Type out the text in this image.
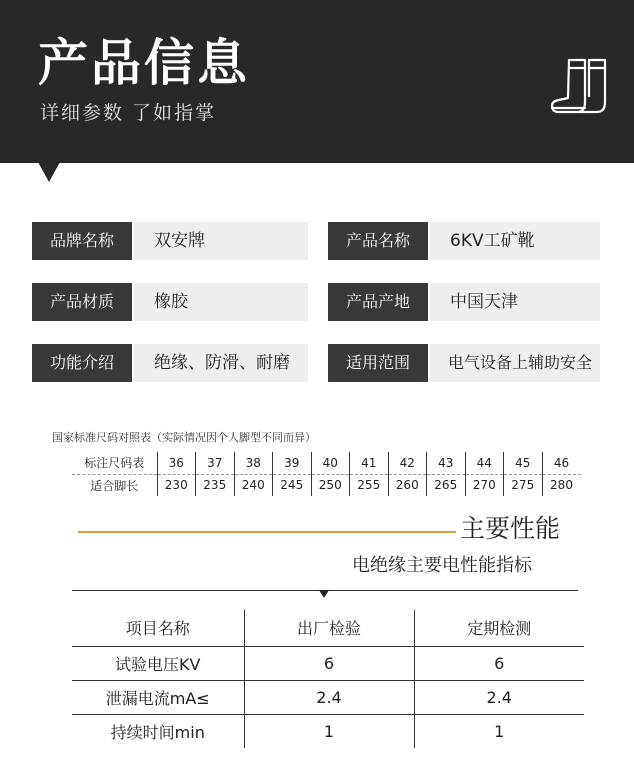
产品信息
详细参数 了如指掌
品牌名称	双安牌	产品名称	6KV工矿靴
产品材质	橡胶	产品产地	中国天津
功能介绍	绝缘、防滑、耐磨	适用范围	电气设备上辅助安全
国家标准尺码对照表（实际情况因个人脚型不同而异）
标注尺码表	36	37	38	39	40	41	42	43	44	45	46
适合脚长	230	235	240	245	250	255	260	265	270	275	280
主要性能
电绝缘主要电性能指标
项目名称	出厂检验	定期检测
试验电压KV	6	6
泄漏电流mA≤	2.4	2.4
持续时间min	1	1
